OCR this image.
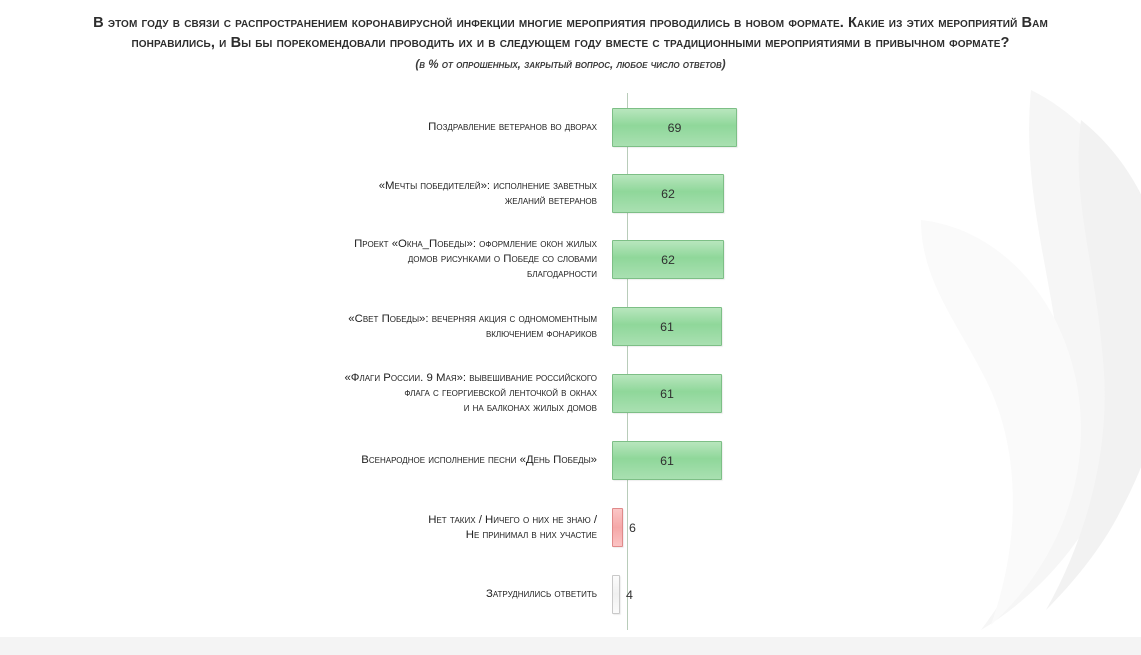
В этом году в связи с распространением коронавирусной инфекции многие мероприятия проводились в новом формате. Какие из этих мероприятий Вам понравились, и Вы бы порекомендовали проводить их и в следующем году вместе с традиционными мероприятиями в привычном формате?
(в % от опрошенных, закрытый вопрос, любое число ответов)
Поздравление ветеранов во дворах	69
«Мечты победителей»: исполнение заветных
желаний ветеранов	62
Проект «Окна_Победы»: оформление окон жилых
домов рисунками о Победе со словами
благодарности
62
«Свет Победы»: вечерняя акция с одномоментным
включением фонариков	61
«Флаги России. 9 Мая»: вывешивание российского
флага с георгиевской ленточкой в окнах
и на балконах жилых домов
61
Всенародное исполнение песни «День Победы»	61
Нет таких / Ничего о них не знаю /
Не принимал в них участие	6
Затруднились ответить 4
